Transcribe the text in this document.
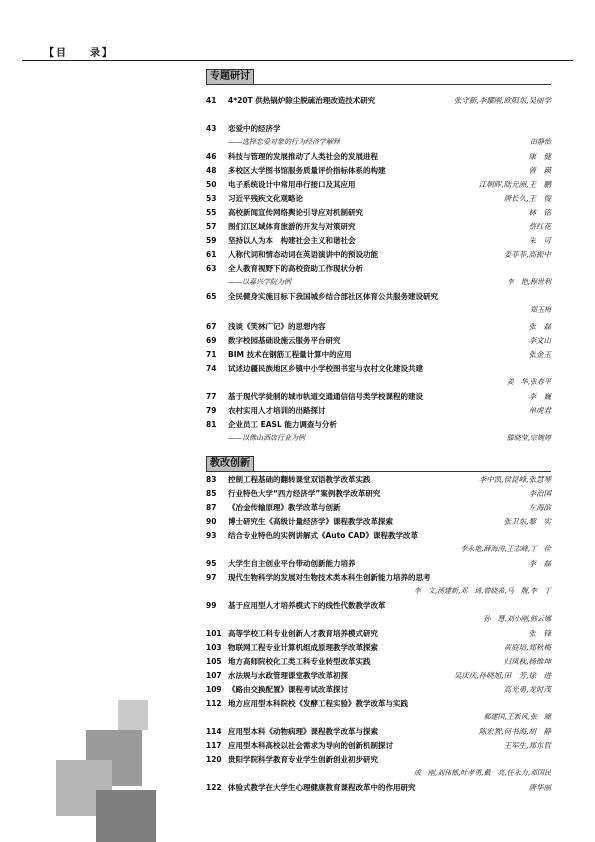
【目 录】
专题研讨
教改创新
41 4*20T 供热锅炉除尘脱硫治理改造技术研究	张守新,李耀刚,欧阳东,吴丽学
43 恋爱中的经济学
——选择恋爱对象的行为经济学解释	田静怡
46 科技与管理的发展推动了人类社会的发展进程	康　健
48 多校区大学图书馆服务质量评价指标体系的构建	曾　瑛
50 电子系统设计中常用串行接口及其应用	江朝晖,陆元洲,王　鹏
53 习近平残疾文化观略论	唐长久,王　俊
55 高校新闻宣传网络舆论引导应对机制研究	林　铭
57 图们江区域体育旅游的开发与对策研究	蔡红花
59 坚持以人为本　构建社会主义和谐社会	朱　可
61 人称代词和情态动词在英语演讲中的预设功能	姜菲菲,高振中
63 全人教育视野下的高校资助工作现状分析
——以嘉兴学院为例	李　艳,程世利
65 全民健身实施目标下我国城乡结合部社区体育公共服务建设研究
郑玉梅
67 浅谈《笑林广记》的思想内容	张　磊
69 数字校园基础设施云服务平台研究	李文山
71 BIM 技术在钢筋工程量计算中的应用	张金玉
74 试述边疆民族地区乡镇中小学校图书室与农村文化建设共建
姜　华,张春平
77 基于现代学徒制的城市轨道交通通信信号类学校课程的建设	李　巍
79 农村实用人才培训的出路探讨	单虎君
81 企业员工 EASL 能力调查与分析
——以佛山酒店行业为例	滕晓莹,宗婉婷
83 控制工程基础的翻转课堂双语教学改革实践	李中凯,侯昆峰,张慧琴
85 行业特色大学“西方经济学”案例教学改革研究	李治国
87 《冶金传输原理》教学改革与创新	左海滨
90 博士研究生《高级计量经济学》课程教学改革探索	张卫东,黎　实
93 结合专业特色的实例讲解式《Auto CAD》课程教学改革
李永艳,薛海涛,王志峰,丁　俭
95 大学生自主创业平台带动创新能力培养	李　磊
97 现代生物科学的发展对生物技术类本科生创新能力培养的思考
李　文,汤建新,邓　琦,曾晓希,马　靓,李　丁
99 基于应用型人才培养模式下的线性代数教学改革
孙　慧,刘小刚,韩云娜
101 高等学校工科专业创新人才教育培养模式研究	张　锋
103 物联网工程专业计算机组成原理教学改革探索	黄庭培,郑秋梅
105 地方高师院校化工类工科专业转型改革实践	归凤秋,杨维坤
107 水法规与水政管理课堂教学改革初探	吴庆庆,孙晓旭,田　芳,徐　进
109 《路由交换配置》课程考试改革探讨	高光勇,龙时茂
112 地方应用型本科院校《发酵工程实验》教学改革与实践
郗建国,王新风,张　曈
114 应用型本科《动物病理》课程教学改革与探索	陈宏智,何书海,胡　静
117 应用型本科高校以社会需求为导向的创新机制探讨	王军生,郑东哲
120 贵阳学院科学教育专业学生创新创业初步研究
成　刚,刘伟郁,叶孝勇,戴　亮,任永力,邓国民
122 体验式教学在大学生心理健康教育课程改革中的作用研究	唐华丽
